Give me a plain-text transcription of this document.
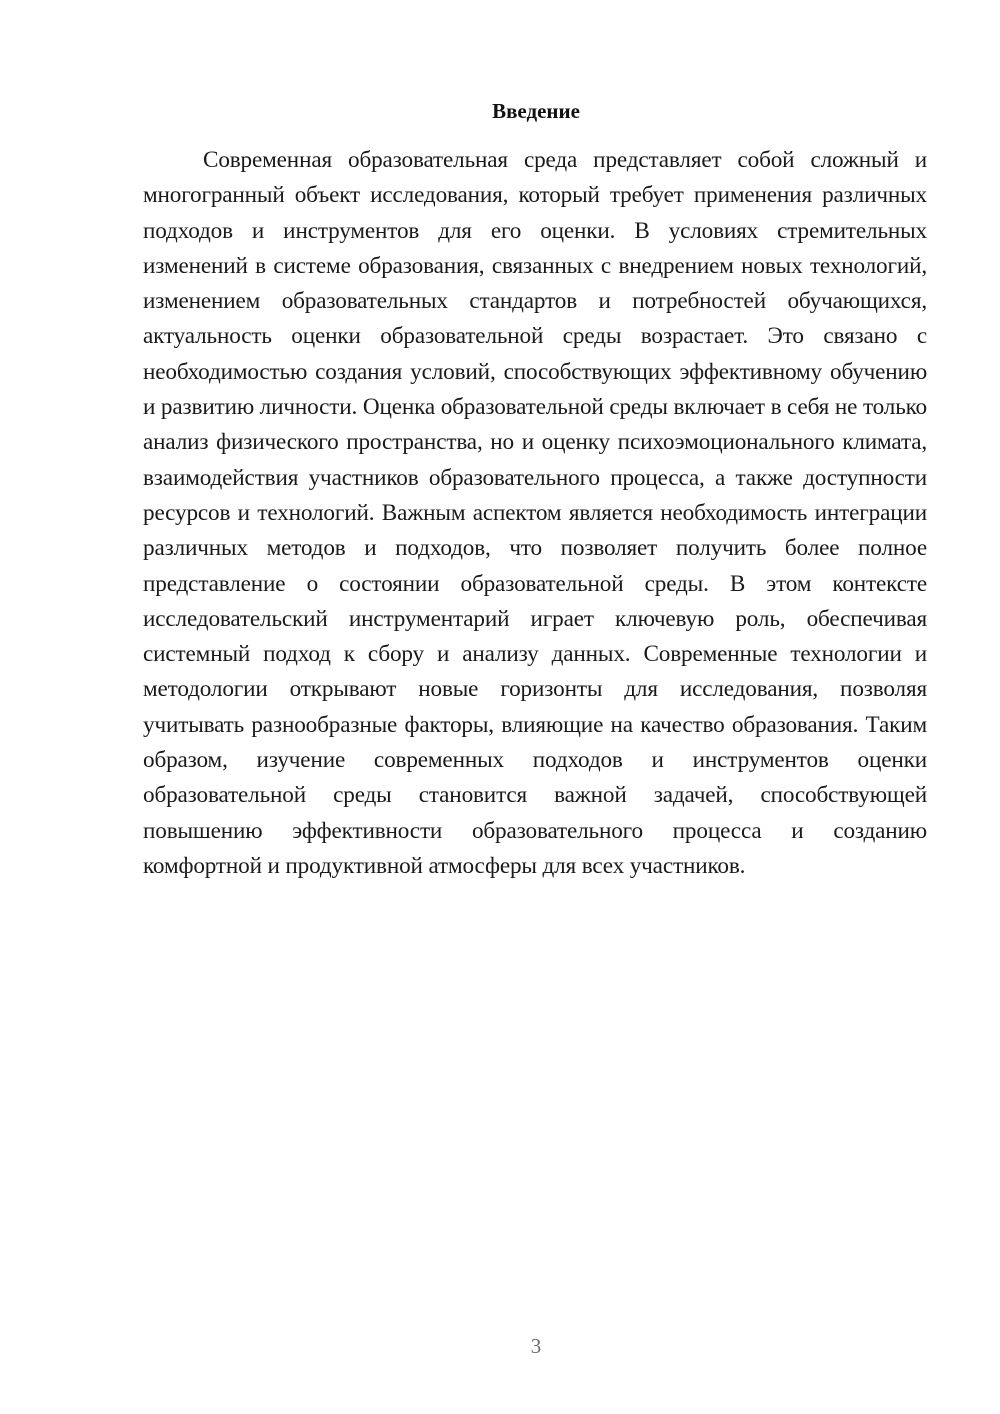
Введение

Современная образовательная среда представляет собой сложный и многогранный объект исследования, который требует применения различных подходов и инструментов для его оценки. В условиях стремительных изменений в системе образования, связанных с внедрением новых технологий, изменением образовательных стандартов и потребностей обучающихся, актуальность оценки образовательной среды возрастает. Это связано с необходимостью создания условий, способствующих эффективному обучению и развитию личности. Оценка образовательной среды включает в себя не только анализ физического пространства, но и оценку психоэмоционального климата, взаимодействия участников образовательного процесса, а также доступности ресурсов и технологий. Важным аспектом является необходимость интеграции различных методов и подходов, что позволяет получить более полное представление о состоянии образовательной среды. В этом контексте исследовательский инструментарий играет ключевую роль, обеспечивая системный подход к сбору и анализу данных. Современные технологии и методологии открывают новые горизонты для исследования, позволяя учитывать разнообразные факторы, влияющие на качество образования. Таким образом, изучение современных подходов и инструментов оценки образовательной среды становится важной задачей, способствующей повышению эффективности образовательного процесса и созданию комфортной и продуктивной атмосферы для всех участников.

3
